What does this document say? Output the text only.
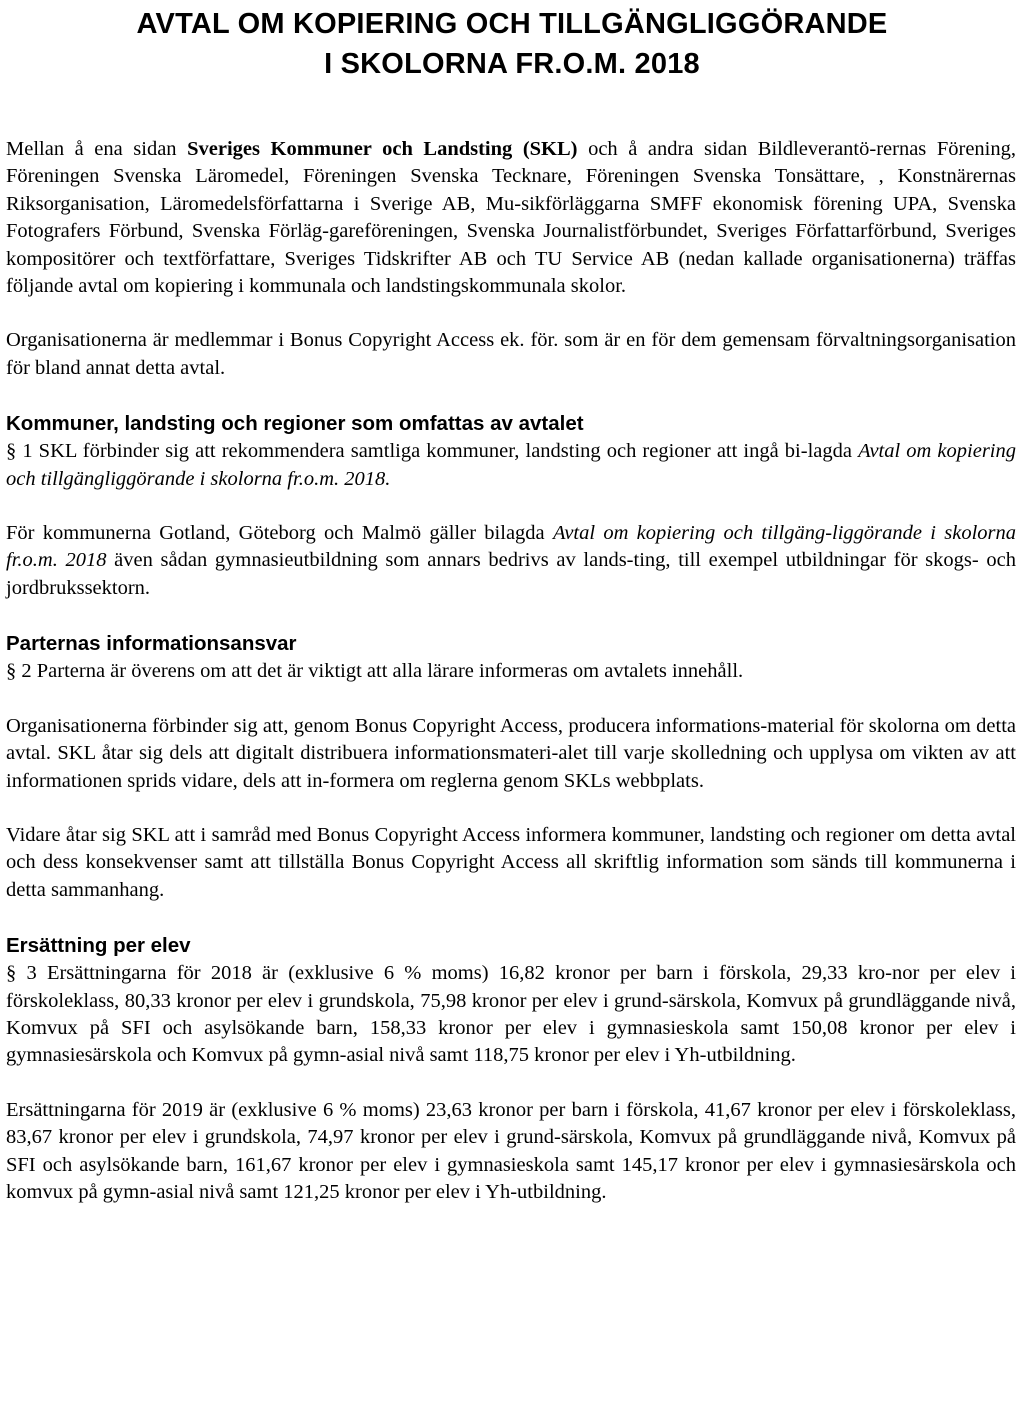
AVTAL OM KOPIERING OCH TILLGÄNGLIGGÖRANDE
I SKOLORNA FR.O.M. 2018

Mellan å ena sidan Sveriges Kommuner och Landsting (SKL) och å andra sidan Bildleverantö-rernas Förening, Föreningen Svenska Läromedel, Föreningen Svenska Tecknare, Föreningen Svenska Tonsättare, , Konstnärernas Riksorganisation, Läromedelsförfattarna i Sverige AB, Mu-sikförläggarna SMFF ekonomisk förening UPA, Svenska Fotografers Förbund, Svenska Förläg-gareföreningen, Svenska Journalistförbundet, Sveriges Författarförbund, Sveriges kompositörer och textförfattare, Sveriges Tidskrifter AB och TU Service AB (nedan kallade organisationerna) träffas följande avtal om kopiering i kommunala och landstingskommunala skolor.

Organisationerna är medlemmar i Bonus Copyright Access ek. för. som är en för dem gemensam förvaltningsorganisation för bland annat detta avtal.

Kommuner, landsting och regioner som omfattas av avtalet

§ 1 SKL förbinder sig att rekommendera samtliga kommuner, landsting och regioner att ingå bi-lagda Avtal om kopiering och tillgängliggörande i skolorna fr.o.m. 2018.

För kommunerna Gotland, Göteborg och Malmö gäller bilagda Avtal om kopiering och tillgäng-liggörande i skolorna fr.o.m. 2018 även sådan gymnasieutbildning som annars bedrivs av lands-ting, till exempel utbildningar för skogs- och jordbrukssektorn.

Parternas informationsansvar

§ 2 Parterna är överens om att det är viktigt att alla lärare informeras om avtalets innehåll.

Organisationerna förbinder sig att, genom Bonus Copyright Access, producera informations-material för skolorna om detta avtal. SKL åtar sig dels att digitalt distribuera informationsmateri-alet till varje skolledning och upplysa om vikten av att informationen sprids vidare, dels att in-formera om reglerna genom SKLs webbplats.

Vidare åtar sig SKL att i samråd med Bonus Copyright Access informera kommuner, landsting och regioner om detta avtal och dess konsekvenser samt att tillställa Bonus Copyright Access all skriftlig information som sänds till kommunerna i detta sammanhang.

Ersättning per elev

§ 3 Ersättningarna för 2018 är (exklusive 6 % moms) 16,82 kronor per barn i förskola, 29,33 kro-nor per elev i förskoleklass, 80,33 kronor per elev i grundskola, 75,98 kronor per elev i grund-särskola, Komvux på grundläggande nivå, Komvux på SFI och asylsökande barn, 158,33 kronor per elev i gymnasieskola samt 150,08 kronor per elev i gymnasiesärskola och Komvux på gymn-asial nivå samt 118,75 kronor per elev i Yh-utbildning.

Ersättningarna för 2019 är (exklusive 6 % moms) 23,63 kronor per barn i förskola, 41,67 kronor per elev i förskoleklass, 83,67 kronor per elev i grundskola, 74,97 kronor per elev i grund-särskola, Komvux på grundläggande nivå, Komvux på SFI och asylsökande barn, 161,67 kronor per elev i gymnasieskola samt 145,17 kronor per elev i gymnasiesärskola och komvux på gymn-asial nivå samt 121,25 kronor per elev i Yh-utbildning.
